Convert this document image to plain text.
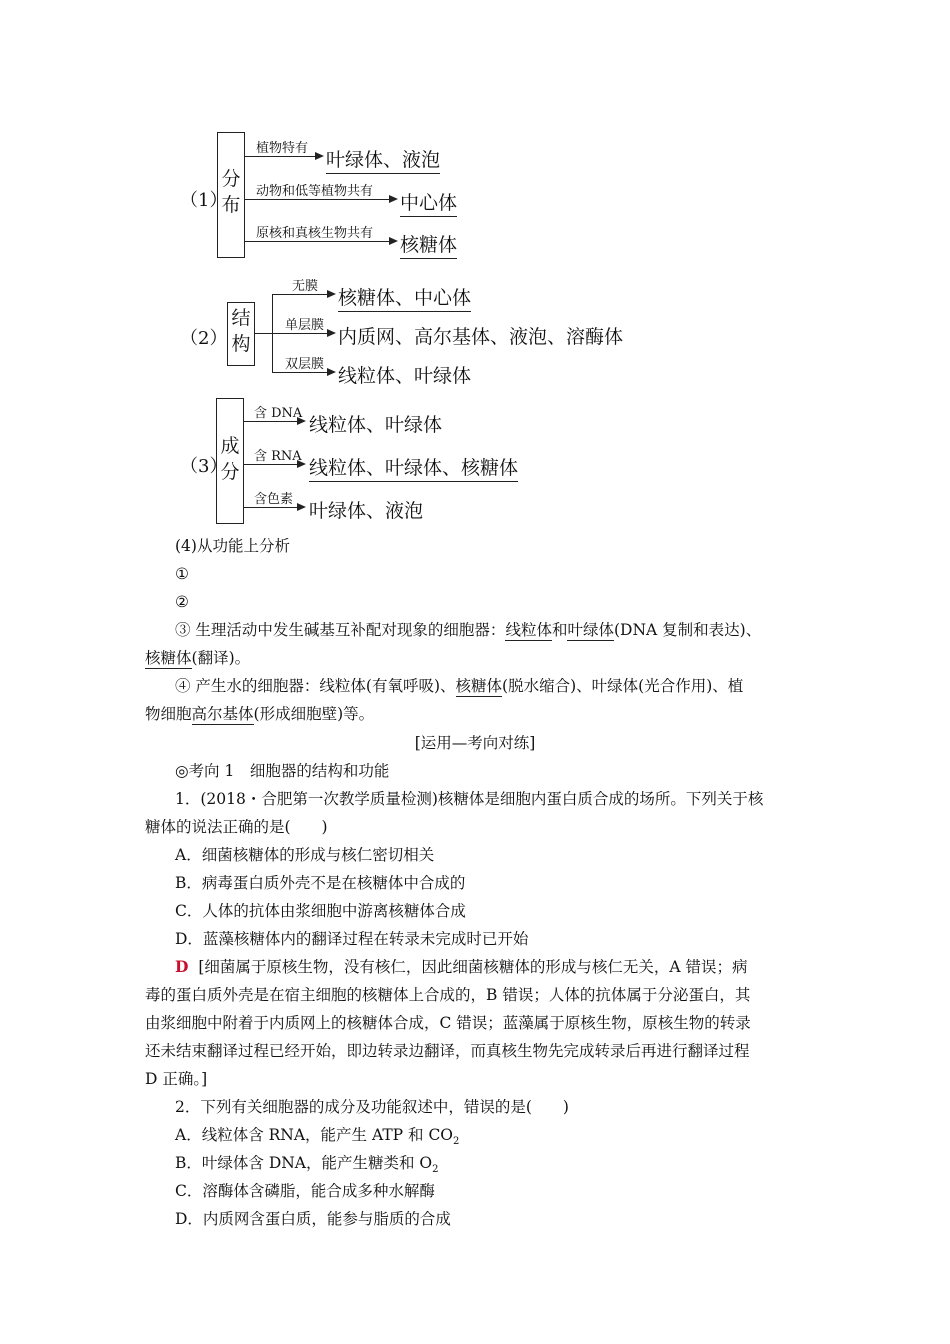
（1）
分布
植物特有
叶绿体、液泡
动物和低等植物共有
中心体
原核和真核生物共有
核糖体
（2）
结构
无膜
核糖体、中心体
单层膜
内质网、高尔基体、液泡、溶酶体
双层膜
线粒体、叶绿体
（3）
成分
含 DNA
线粒体、叶绿体
含 RNA
线粒体、叶绿体、核糖体
含色素
叶绿体、液泡
(4)从功能上分析
①
②
③ 生理活动中发生碱基互补配对现象的细胞器：线粒体和叶绿体(DNA 复制和表达)、
核糖体(翻译)。
④ 产生水的细胞器：线粒体(有氧呼吸)、核糖体(脱水缩合)、叶绿体(光合作用)、植
物细胞高尔基体(形成细胞壁)等。
[运用—考向对练]
◎考向 1　细胞器的结构和功能
1．(2018・合肥第一次教学质量检测)核糖体是细胞内蛋白质合成的场所。下列关于核
糖体的说法正确的是(　　)
A．细菌核糖体的形成与核仁密切相关
B．病毒蛋白质外壳不是在核糖体中合成的
C．人体的抗体由浆细胞中游离核糖体合成
D．蓝藻核糖体内的翻译过程在转录未完成时已开始
D [细菌属于原核生物，没有核仁，因此细菌核糖体的形成与核仁无关，A 错误；病
毒的蛋白质外壳是在宿主细胞的核糖体上合成的，B 错误；人体的抗体属于分泌蛋白，其
由浆细胞中附着于内质网上的核糖体合成，C 错误；蓝藻属于原核生物，原核生物的转录
还未结束翻译过程已经开始，即边转录边翻译，而真核生物先完成转录后再进行翻译过程
D 正确。]
2．下列有关细胞器的成分及功能叙述中，错误的是(　　)
A．线粒体含 RNA，能产生 ATP 和 $CO_2$
B．叶绿体含 DNA，能产生糖类和 $O_2$
C．溶酶体含磷脂，能合成多种水解酶
D．内质网含蛋白质，能参与脂质的合成
